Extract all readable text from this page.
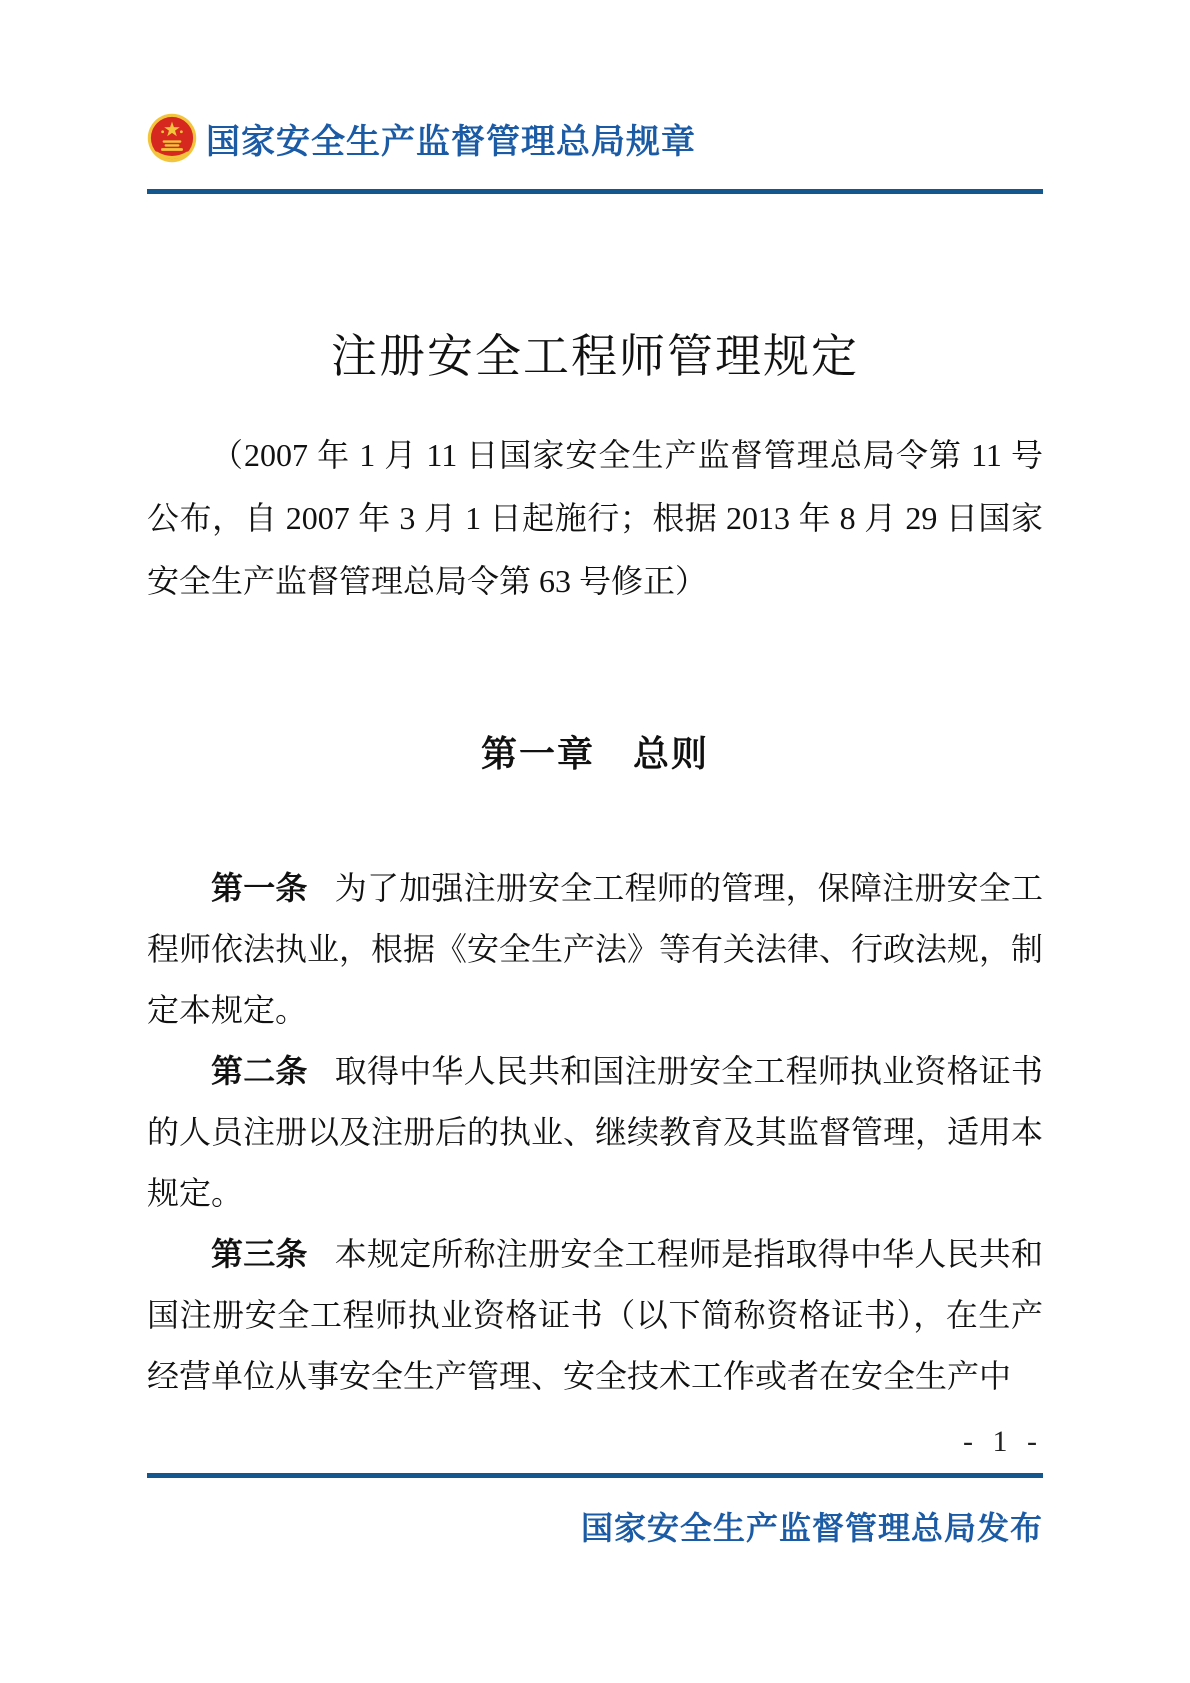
国家安全生产监督管理总局规章
注册安全工程师管理规定

（2007 年 1 月 11 日国家安全生产监督管理总局令第 11 号公布，自 2007 年 3 月 1 日起施行；根据 2013 年 8 月 29 日国家安全生产监督管理总局令第 63 号修正）

第一章　总则

第一条 为了加强注册安全工程师的管理，保障注册安全工程师依法执业，根据《安全生产法》等有关法律、行政法规，制定本规定。

第二条 取得中华人民共和国注册安全工程师执业资格证书的人员注册以及注册后的执业、继续教育及其监督管理，适用本规定。

第三条 本规定所称注册安全工程师是指取得中华人民共和国注册安全工程师执业资格证书（以下简称资格证书），在生产经营单位从事安全生产管理、安全技术工作或者在安全生产中

- 1 -
国家安全生产监督管理总局发布
